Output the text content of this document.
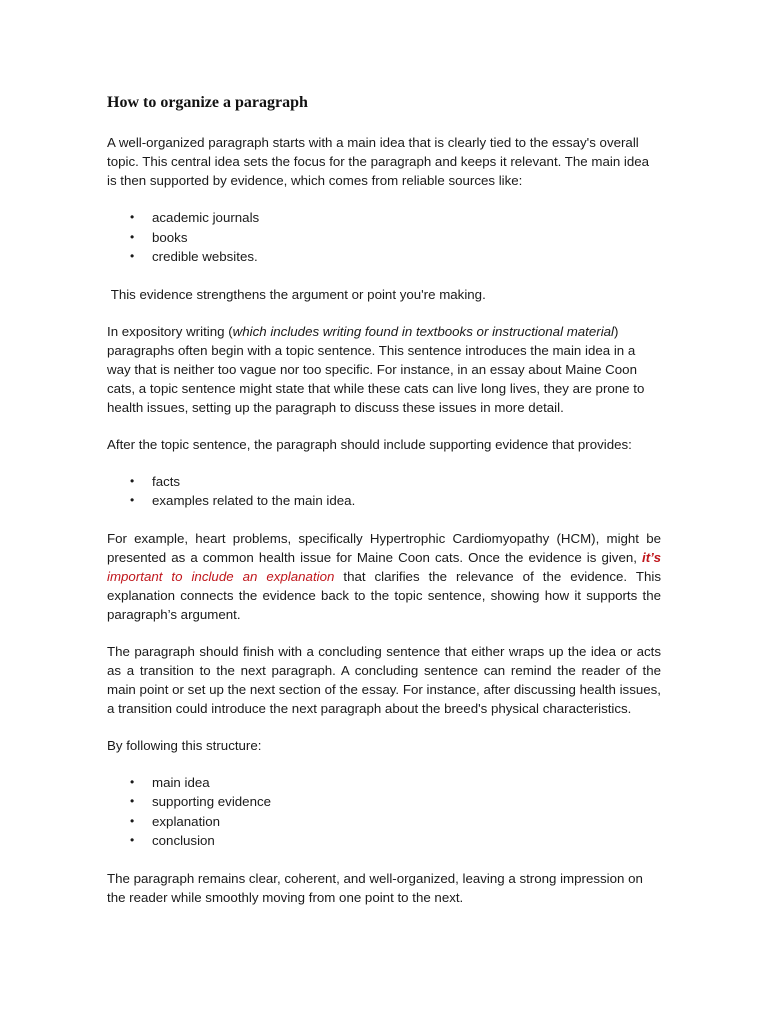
How to organize a paragraph

A well-organized paragraph starts with a main idea that is clearly tied to the essay's overall topic. This central idea sets the focus for the paragraph and keeps it relevant. The main idea is then supported by evidence, which comes from reliable sources like:

• academic journals
• books
• credible websites.

This evidence strengthens the argument or point you're making.

In expository writing (which includes writing found in textbooks or instructional material) paragraphs often begin with a topic sentence. This sentence introduces the main idea in a way that is neither too vague nor too specific. For instance, in an essay about Maine Coon cats, a topic sentence might state that while these cats can live long lives, they are prone to health issues, setting up the paragraph to discuss these issues in more detail.

After the topic sentence, the paragraph should include supporting evidence that provides:

• facts
• examples related to the main idea.

For example, heart problems, specifically Hypertrophic Cardiomyopathy (HCM), might be presented as a common health issue for Maine Coon cats. Once the evidence is given, it’s important to include an explanation that clarifies the relevance of the evidence. This explanation connects the evidence back to the topic sentence, showing how it supports the paragraph’s argument.

The paragraph should finish with a concluding sentence that either wraps up the idea or acts as a transition to the next paragraph. A concluding sentence can remind the reader of the main point or set up the next section of the essay. For instance, after discussing health issues, a transition could introduce the next paragraph about the breed's physical characteristics.

By following this structure:

• main idea
• supporting evidence
• explanation
• conclusion

The paragraph remains clear, coherent, and well-organized, leaving a strong impression on the reader while smoothly moving from one point to the next.
